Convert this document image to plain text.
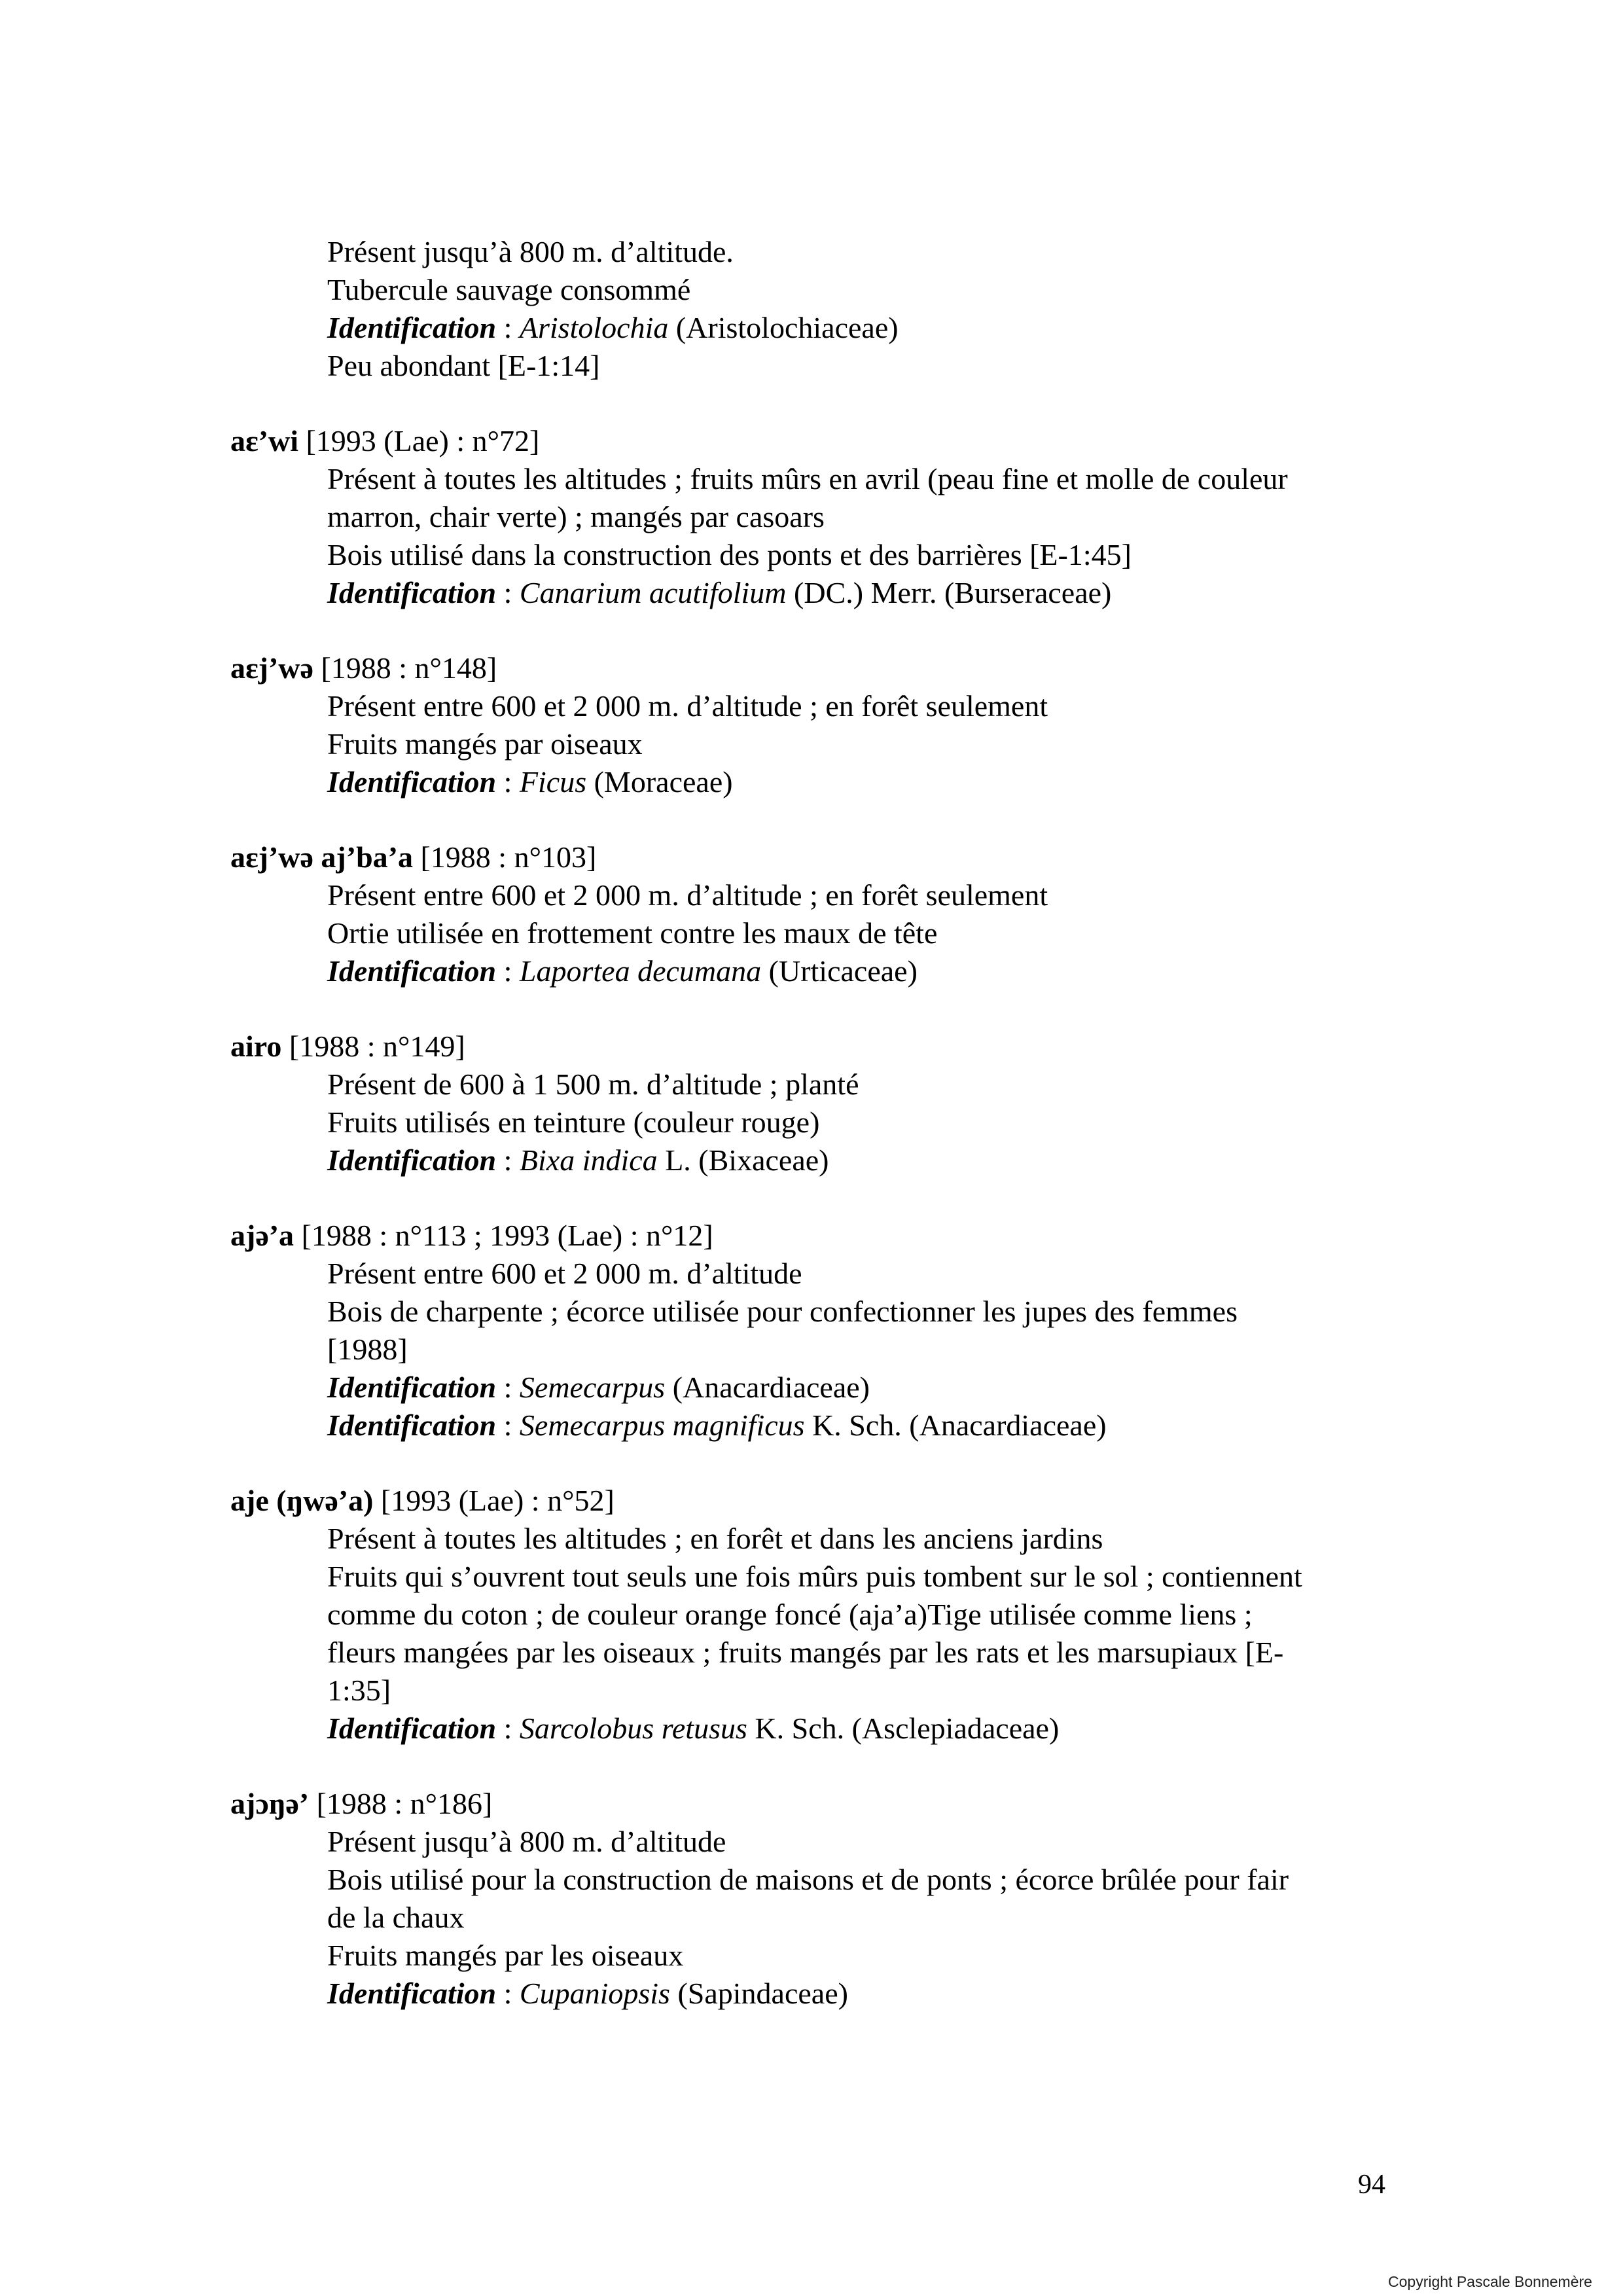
Présent jusqu’à 800 m. d’altitude.
Tubercule sauvage consommé
Identification : Aristolochia (Aristolochiaceae)
Peu abondant [E-1:14]
aɛ’wi [1993 (Lae) : n°72]
Présent à toutes les altitudes ; fruits mûrs en avril (peau fine et molle de couleur
marron, chair verte) ; mangés par casoars
Bois utilisé dans la construction des ponts et des barrières [E-1:45]
Identification : Canarium acutifolium (DC.) Merr. (Burseraceae)
aɛj’wə [1988 : n°148]
Présent entre 600 et 2 000 m. d’altitude ; en forêt seulement
Fruits mangés par oiseaux
Identification : Ficus (Moraceae)
aɛj’wə aj’ba’a [1988 : n°103]
Présent entre 600 et 2 000 m. d’altitude ; en forêt seulement
Ortie utilisée en frottement contre les maux de tête
Identification : Laportea decumana (Urticaceae)
airo [1988 : n°149]
Présent de 600 à 1 500 m. d’altitude ; planté
Fruits utilisés en teinture (couleur rouge)
Identification : Bixa indica L. (Bixaceae)
ajə’a [1988 : n°113 ; 1993 (Lae) : n°12]
Présent entre 600 et 2 000 m. d’altitude
Bois de charpente ; écorce utilisée pour confectionner les jupes des femmes
[1988]
Identification : Semecarpus (Anacardiaceae)
Identification : Semecarpus magnificus K. Sch. (Anacardiaceae)
aje (ŋwə’a) [1993 (Lae) : n°52]
Présent à toutes les altitudes ; en forêt et dans les anciens jardins
Fruits qui s’ouvrent tout seuls une fois mûrs puis tombent sur le sol ; contiennent
comme du coton ; de couleur orange foncé (aja’a)Tige utilisée comme liens ;
fleurs mangées par les oiseaux ; fruits mangés par les rats et les marsupiaux [E-
1:35]
Identification : Sarcolobus retusus K. Sch. (Asclepiadaceae)
ajɔŋə’ [1988 : n°186]
Présent jusqu’à 800 m. d’altitude
Bois utilisé pour la construction de maisons et de ponts ; écorce brûlée pour fair
de la chaux
Fruits mangés par les oiseaux
Identification : Cupaniopsis (Sapindaceae)
94
Copyright Pascale Bonnemère
